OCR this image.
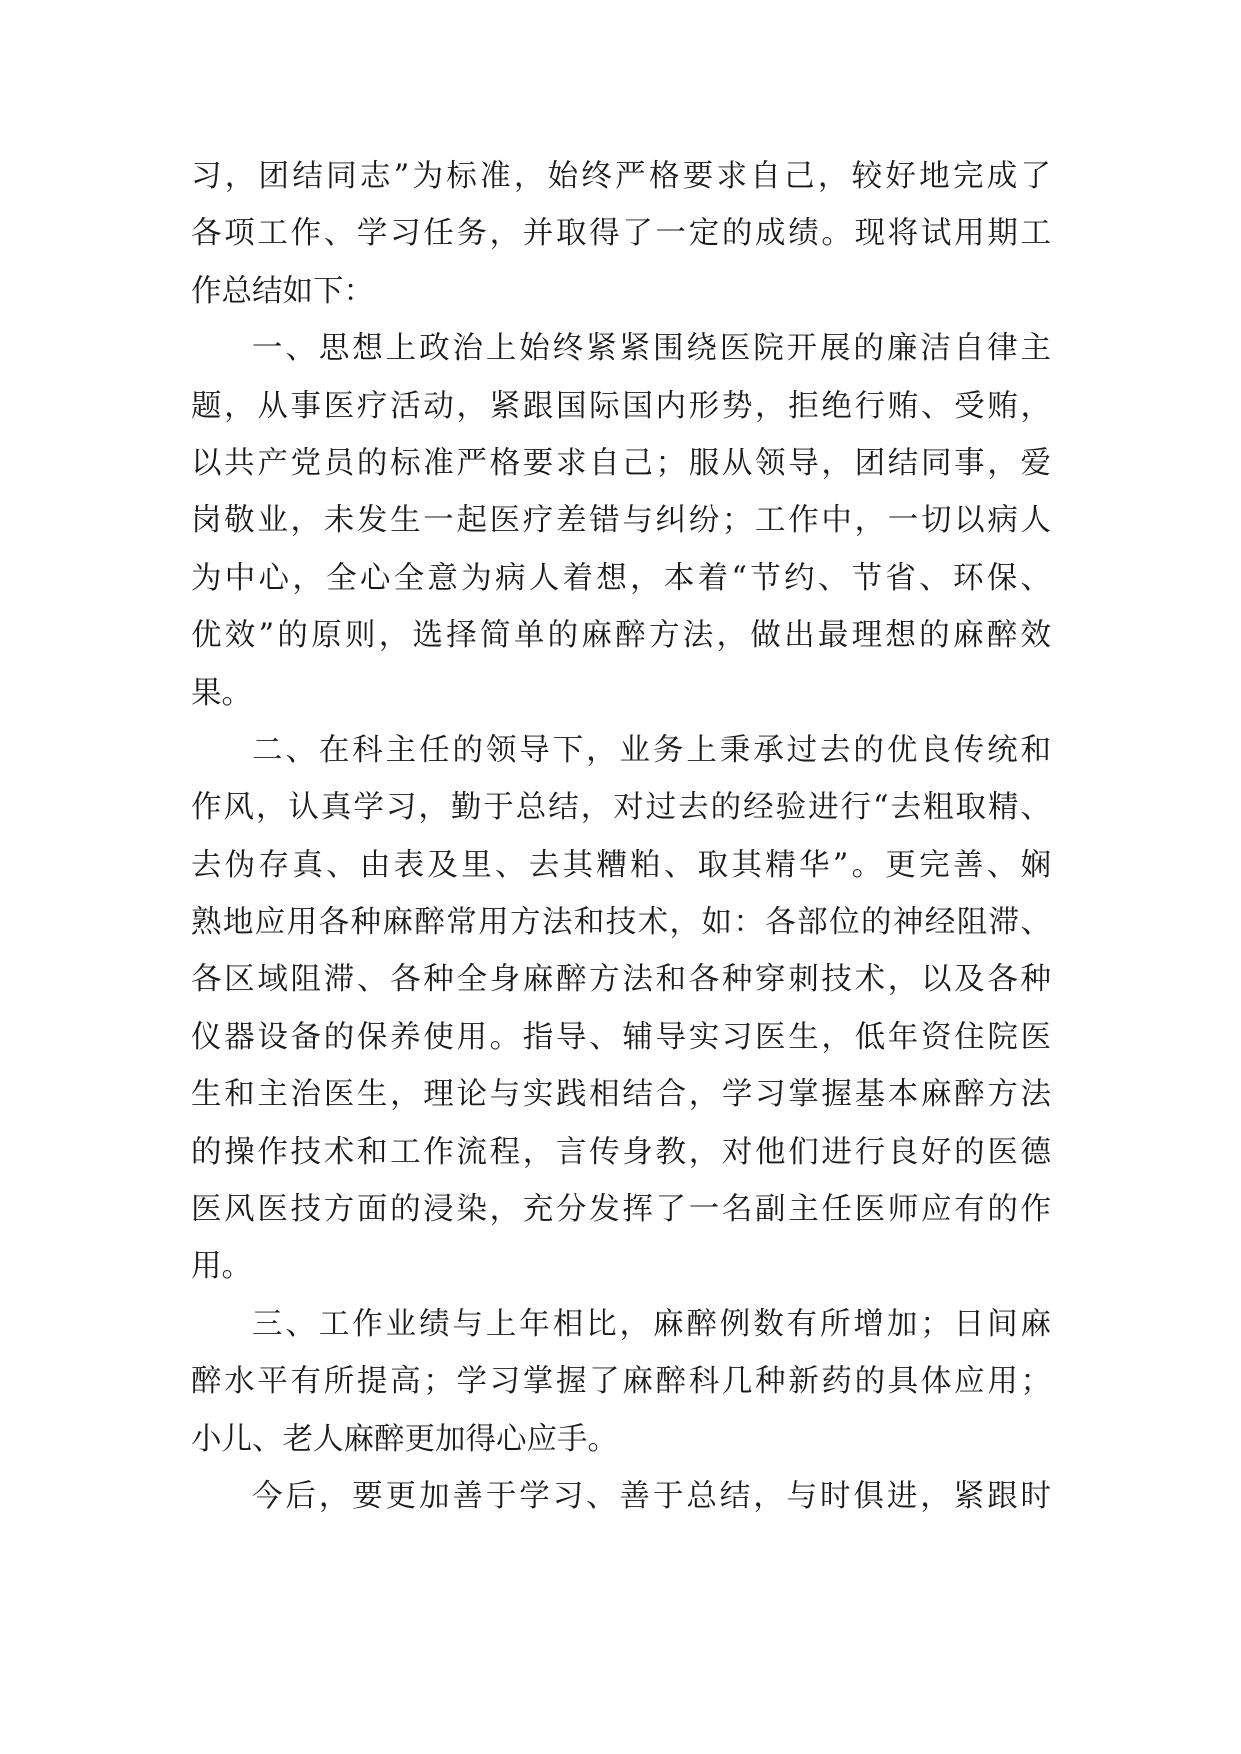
习，团结同志”为标准，始终严格要求自己，较好地完成了
各项工作、学习任务，并取得了一定的成绩。现将试用期工
作总结如下：
一、思想上政治上始终紧紧围绕医院开展的廉洁自律主
题，从事医疗活动，紧跟国际国内形势，拒绝行贿、受贿，
以共产党员的标准严格要求自己；服从领导，团结同事，爱
岗敬业，未发生一起医疗差错与纠纷；工作中，一切以病人
为中心，全心全意为病人着想，本着“节约、节省、环保、
优效”的原则，选择简单的麻醉方法，做出最理想的麻醉效
果。
二、在科主任的领导下，业务上秉承过去的优良传统和
作风，认真学习，勤于总结，对过去的经验进行“去粗取精、
去伪存真、由表及里、去其糟粕、取其精华”。更完善、娴
熟地应用各种麻醉常用方法和技术，如：各部位的神经阻滞、
各区域阻滞、各种全身麻醉方法和各种穿刺技术，以及各种
仪器设备的保养使用。指导、辅导实习医生，低年资住院医
生和主治医生，理论与实践相结合，学习掌握基本麻醉方法
的操作技术和工作流程，言传身教，对他们进行良好的医德
医风医技方面的浸染，充分发挥了一名副主任医师应有的作
用。
三、工作业绩与上年相比，麻醉例数有所增加；日间麻
醉水平有所提高；学习掌握了麻醉科几种新药的具体应用；
小儿、老人麻醉更加得心应手。
今后，要更加善于学习、善于总结，与时俱进，紧跟时
